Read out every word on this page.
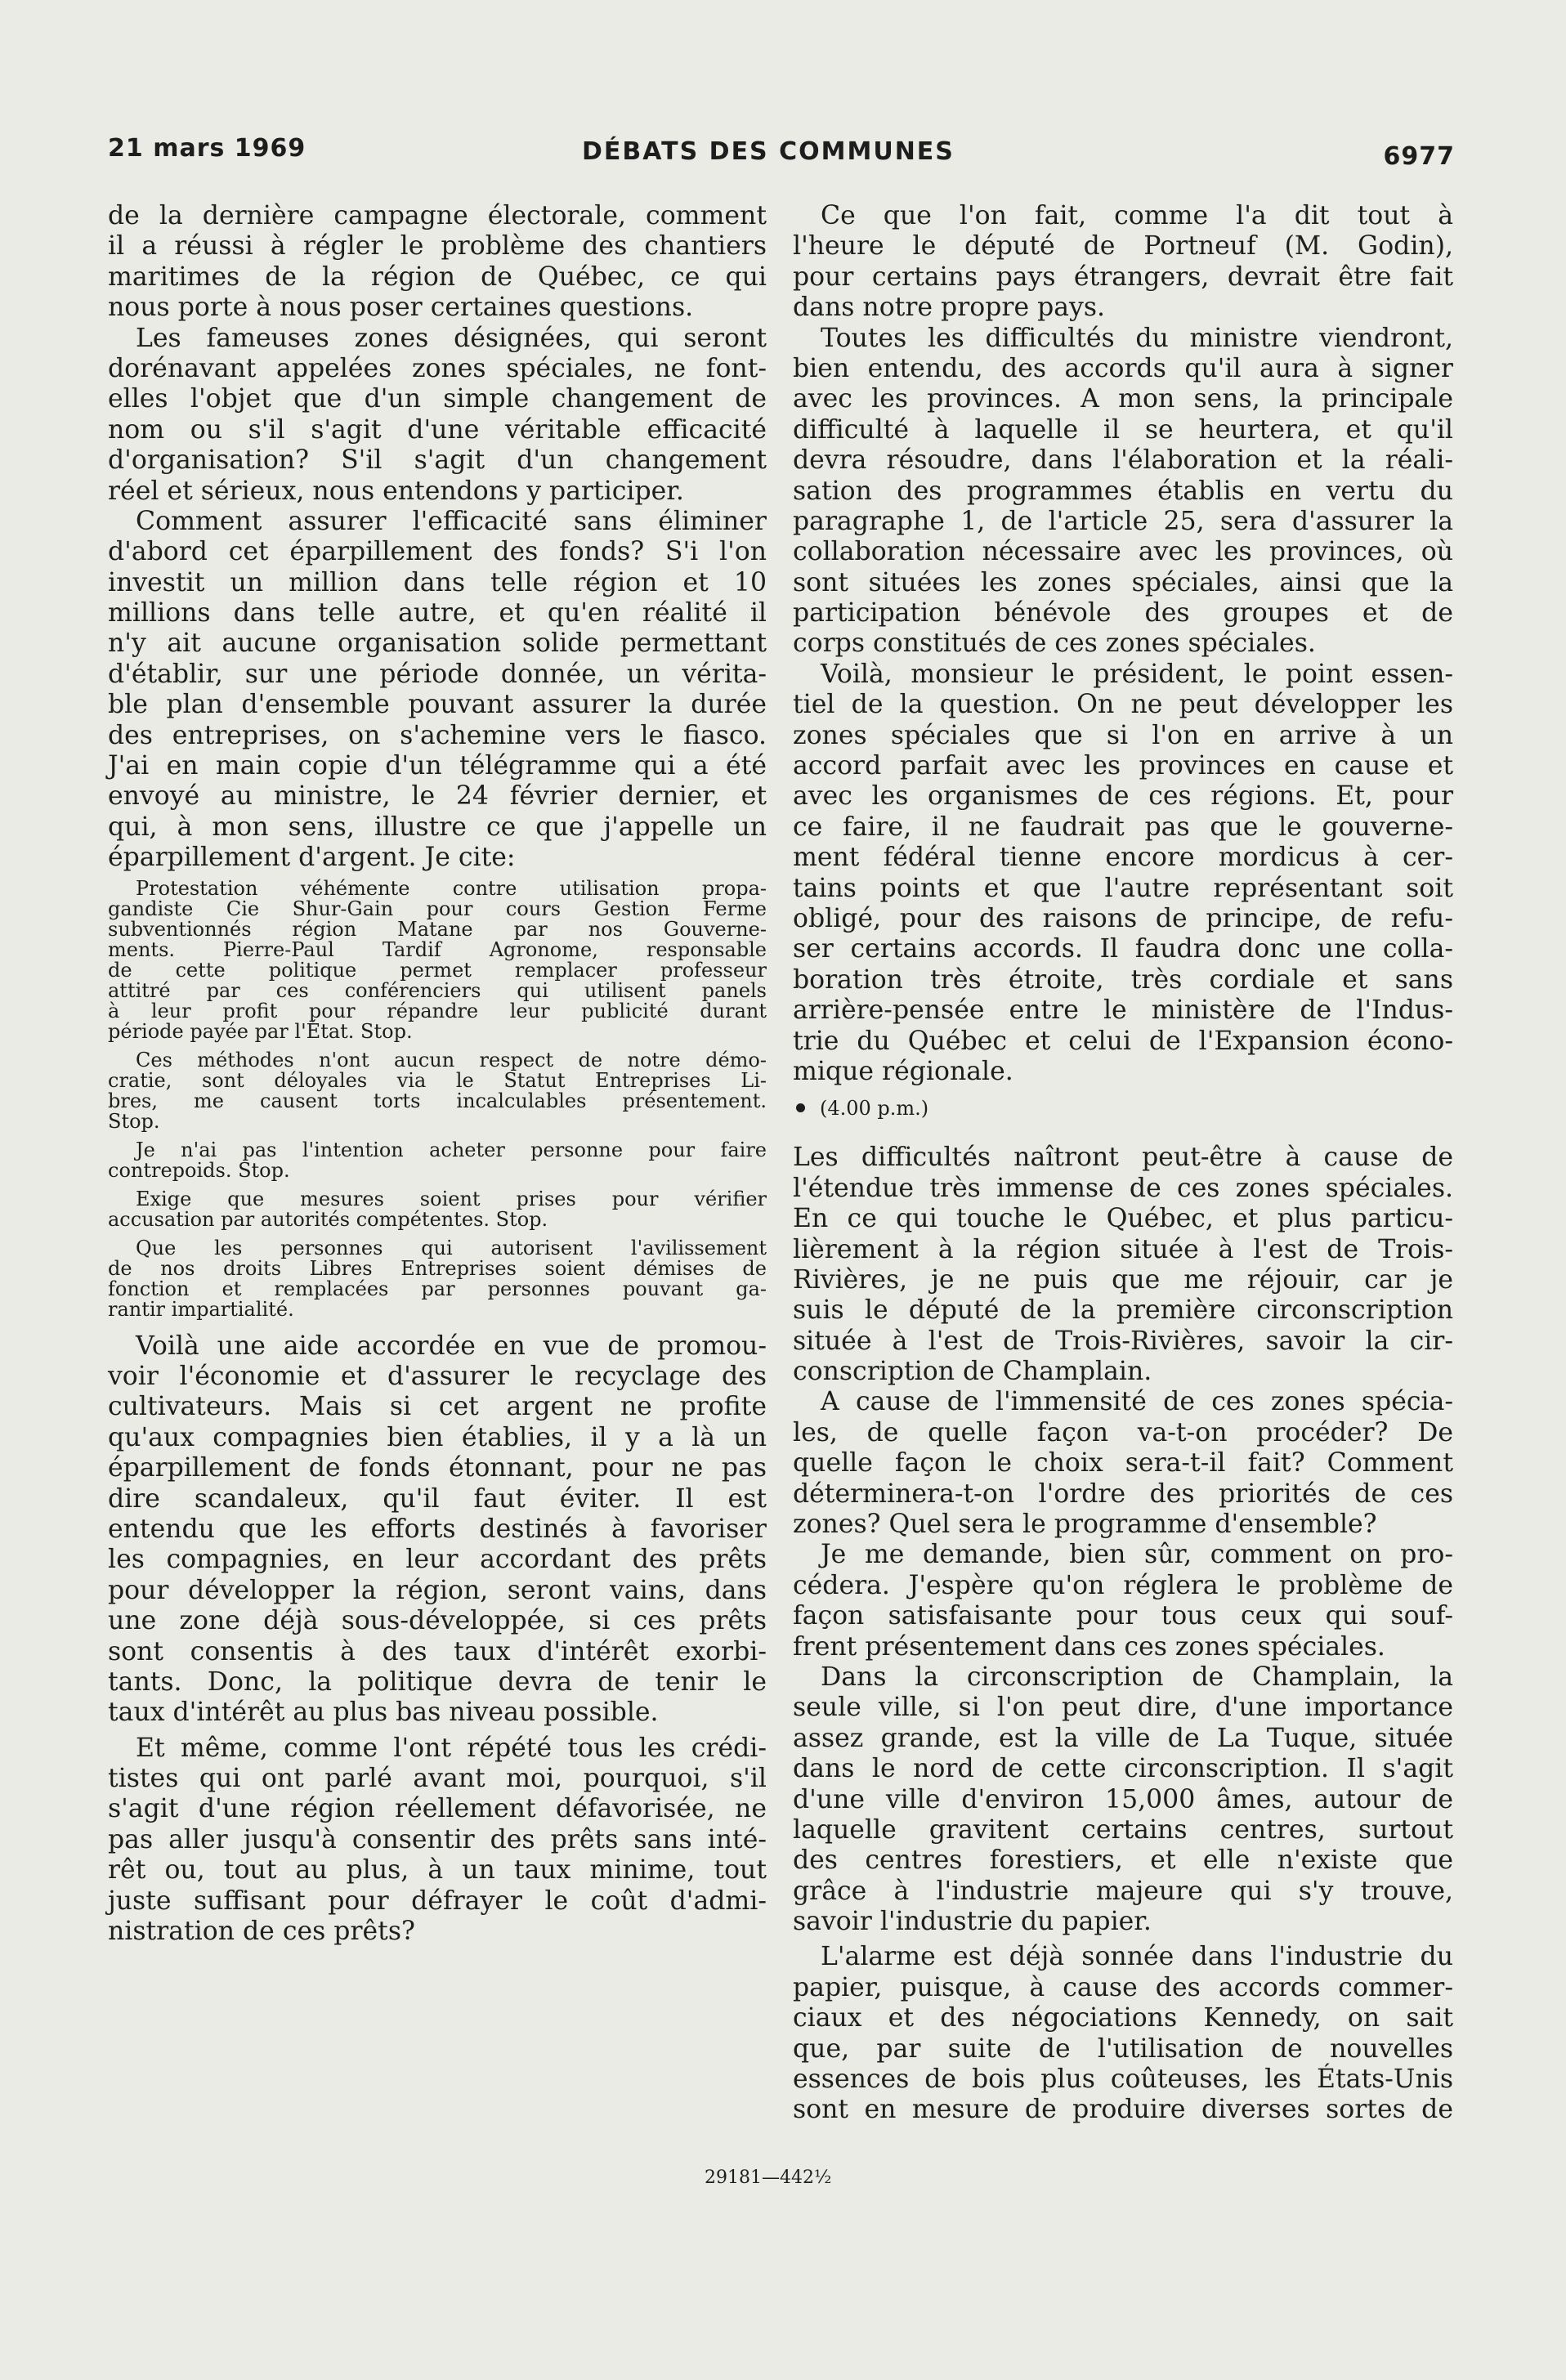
21 mars 1969	DÉBATS DES COMMUNES	6977
de la dernière campagne électorale, comment
il a réussi à régler le problème des chantiers
maritimes de la région de Québec, ce qui
nous porte à nous poser certaines questions.
Les fameuses zones désignées, qui seront
dorénavant appelées zones spéciales, ne font-
elles l'objet que d'un simple changement de
nom ou s'il s'agit d'une véritable efficacité
d'organisation? S'il s'agit d'un changement
réel et sérieux, nous entendons y participer.
Comment assurer l'efficacité sans éliminer
d'abord cet éparpillement des fonds? S'i l'on
investit un million dans telle région et 10
millions dans telle autre, et qu'en réalité il
n'y ait aucune organisation solide permettant
d'établir, sur une période donnée, un vérita-
ble plan d'ensemble pouvant assurer la durée
des entreprises, on s'achemine vers le fiasco.
J'ai en main copie d'un télégramme qui a été
envoyé au ministre, le 24 février dernier, et
qui, à mon sens, illustre ce que j'appelle un
éparpillement d'argent. Je cite:
Protestation véhémente contre utilisation propa-
gandiste Cie Shur-Gain pour cours Gestion Ferme
subventionnés région Matane par nos Gouverne-
ments. Pierre-Paul Tardif Agronome, responsable
de cette politique permet remplacer professeur
attitré par ces conférenciers qui utilisent panels
à leur profit pour répandre leur publicité durant
période payée par l'État. Stop.
Ces méthodes n'ont aucun respect de notre démo-
cratie, sont déloyales via le Statut Entreprises Li-
bres, me causent torts incalculables présentement.
Stop.
Je n'ai pas l'intention acheter personne pour faire
contrepoids. Stop.
Exige que mesures soient prises pour vérifier
accusation par autorités compétentes. Stop.
Que les personnes qui autorisent l'avilissement
de nos droits Libres Entreprises soient démises de
fonction et remplacées par personnes pouvant ga-
rantir impartialité.
Voilà une aide accordée en vue de promou-
voir l'économie et d'assurer le recyclage des
cultivateurs. Mais si cet argent ne profite
qu'aux compagnies bien établies, il y a là un
éparpillement de fonds étonnant, pour ne pas
dire scandaleux, qu'il faut éviter. Il est
entendu que les efforts destinés à favoriser
les compagnies, en leur accordant des prêts
pour développer la région, seront vains, dans
une zone déjà sous-développée, si ces prêts
sont consentis à des taux d'intérêt exorbi-
tants. Donc, la politique devra de tenir le
taux d'intérêt au plus bas niveau possible.
Et même, comme l'ont répété tous les crédi-
tistes qui ont parlé avant moi, pourquoi, s'il
s'agit d'une région réellement défavorisée, ne
pas aller jusqu'à consentir des prêts sans inté-
rêt ou, tout au plus, à un taux minime, tout
juste suffisant pour défrayer le coût d'admi-
nistration de ces prêts?
Ce que l'on fait, comme l'a dit tout à
l'heure le député de Portneuf (M. Godin),
pour certains pays étrangers, devrait être fait
dans notre propre pays.
Toutes les difficultés du ministre viendront,
bien entendu, des accords qu'il aura à signer
avec les provinces. A mon sens, la principale
difficulté à laquelle il se heurtera, et qu'il
devra résoudre, dans l'élaboration et la réali-
sation des programmes établis en vertu du
paragraphe 1, de l'article 25, sera d'assurer la
collaboration nécessaire avec les provinces, où
sont situées les zones spéciales, ainsi que la
participation bénévole des groupes et de
corps constitués de ces zones spéciales.
Voilà, monsieur le président, le point essen-
tiel de la question. On ne peut développer les
zones spéciales que si l'on en arrive à un
accord parfait avec les provinces en cause et
avec les organismes de ces régions. Et, pour
ce faire, il ne faudrait pas que le gouverne-
ment fédéral tienne encore mordicus à cer-
tains points et que l'autre représentant soit
obligé, pour des raisons de principe, de refu-
ser certains accords. Il faudra donc une colla-
boration très étroite, très cordiale et sans
arrière-pensée entre le ministère de l'Indus-
trie du Québec et celui de l'Expansion écono-
mique régionale.
(4.00 p.m.)
Les difficultés naîtront peut-être à cause de
l'étendue très immense de ces zones spéciales.
En ce qui touche le Québec, et plus particu-
lièrement à la région située à l'est de Trois-
Rivières, je ne puis que me réjouir, car je
suis le député de la première circonscription
située à l'est de Trois-Rivières, savoir la cir-
conscription de Champlain.
A cause de l'immensité de ces zones spécia-
les, de quelle façon va-t-on procéder? De
quelle façon le choix sera-t-il fait? Comment
déterminera-t-on l'ordre des priorités de ces
zones? Quel sera le programme d'ensemble?
Je me demande, bien sûr, comment on pro-
cédera. J'espère qu'on réglera le problème de
façon satisfaisante pour tous ceux qui souf-
frent présentement dans ces zones spéciales.
Dans la circonscription de Champlain, la
seule ville, si l'on peut dire, d'une importance
assez grande, est la ville de La Tuque, située
dans le nord de cette circonscription. Il s'agit
d'une ville d'environ 15,000 âmes, autour de
laquelle gravitent certains centres, surtout
des centres forestiers, et elle n'existe que
grâce à l'industrie majeure qui s'y trouve,
savoir l'industrie du papier.
L'alarme est déjà sonnée dans l'industrie du
papier, puisque, à cause des accords commer-
ciaux et des négociations Kennedy, on sait
que, par suite de l'utilisation de nouvelles
essences de bois plus coûteuses, les États-Unis
sont en mesure de produire diverses sortes de
29181—442½
